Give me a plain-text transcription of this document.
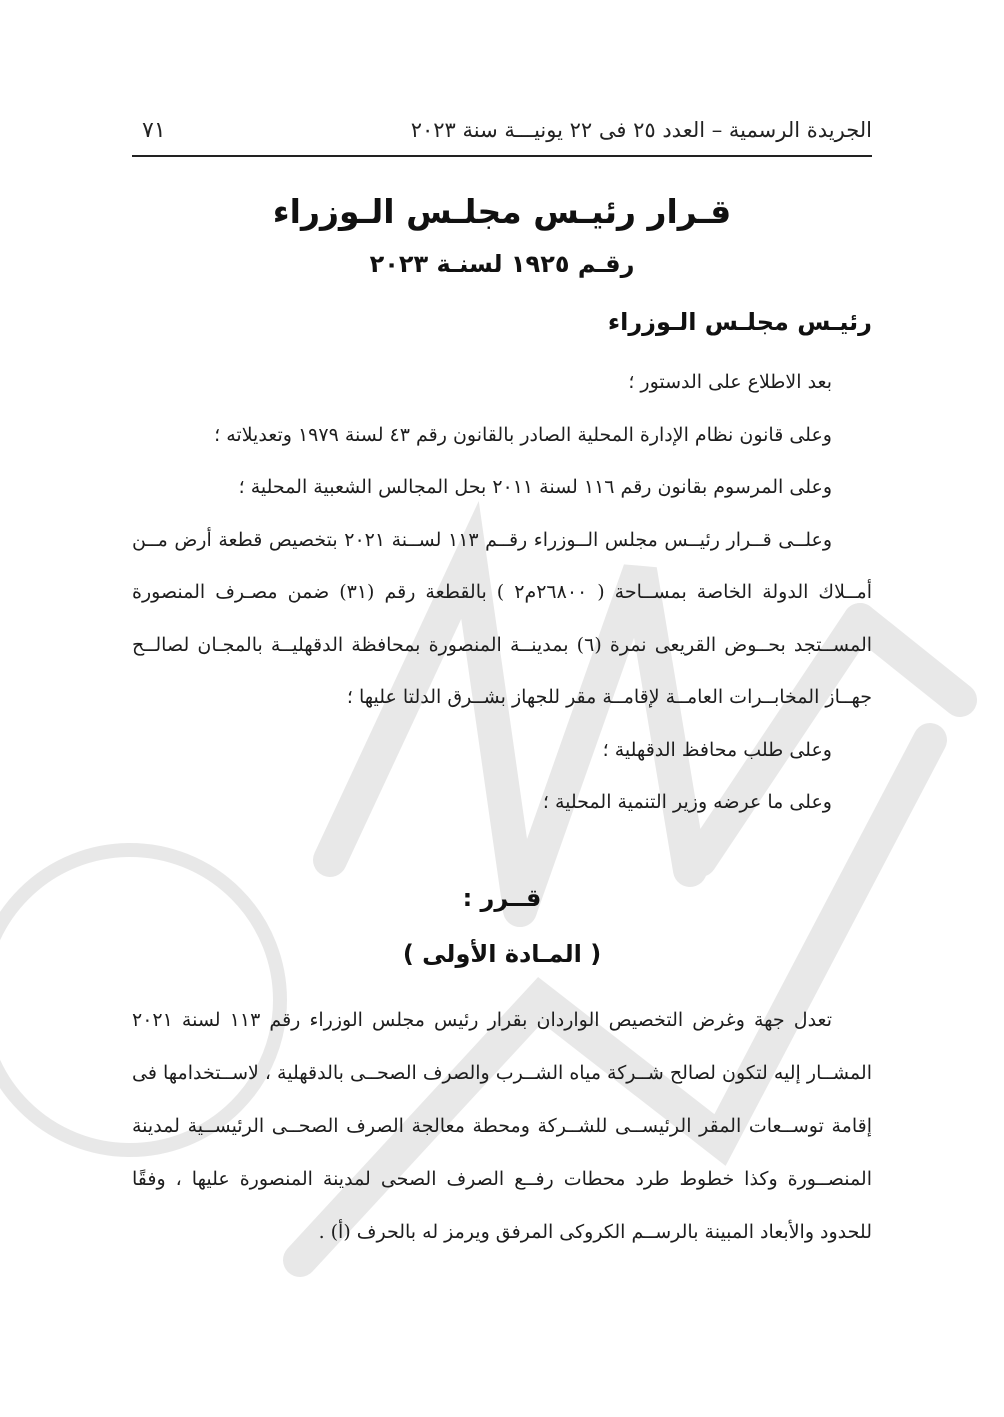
الجريدة الرسمية – العدد ٢٥ فى ٢٢ يونيـــة سنة ٢٠٢٣
٧١
قـرار رئيـس مجلـس الـوزراء
رقـم ١٩٢٥ لسنـة ٢٠٢٣
رئيـس مجلـس الـوزراء

بعد الاطلاع على الدستور ؛

وعلى قانون نظام الإدارة المحلية الصادر بالقانون رقم ٤٣ لسنة ١٩٧٩ وتعديلاته ؛

وعلى المرسوم بقانون رقم ١١٦ لسنة ٢٠١١ بحل المجالس الشعبية المحلية ؛

وعلــى قــرار رئيــس مجلس الــوزراء رقــم ١١٣ لســنة ٢٠٢١ بتخصيص قطعة أرض مــن أمــلاك الدولة الخاصة بمســاحة ( ٢٦٨٠٠م٢ ) بالقطعة رقم (٣١) ضمن مصـرف المنصورة المســتجد بحــوض القريعى نمرة (٦) بمدينــة المنصورة بمحافظة الدقهليــة بالمجـان لصالــح جهــاز المخابــرات العامــة لإقامــة مقر للجهاز بشــرق الدلتا عليها ؛

وعلى طلب محافظ الدقهلية ؛

وعلى ما عرضه وزير التنمية المحلية ؛

قــرر :
( المـادة الأولى )

تعدل جهة وغرض التخصيص الواردان بقرار رئيس مجلس الوزراء رقم ١١٣ لسنة ٢٠٢١ المشــار إليه لتكون لصالح شــركة مياه الشــرب والصرف الصحــى بالدقهلية ، لاســتخدامها فى إقامة توســعات المقر الرئيســى للشــركة ومحطة معالجة الصرف الصحــى الرئيســية لمدينة المنصــورة وكذا خطوط طرد محطات رفــع الصرف الصحى لمدينة المنصورة عليها ، وفقًا للحدود والأبعاد المبينة بالرســم الكروكى المرفق ويرمز له بالحرف (أ) .
